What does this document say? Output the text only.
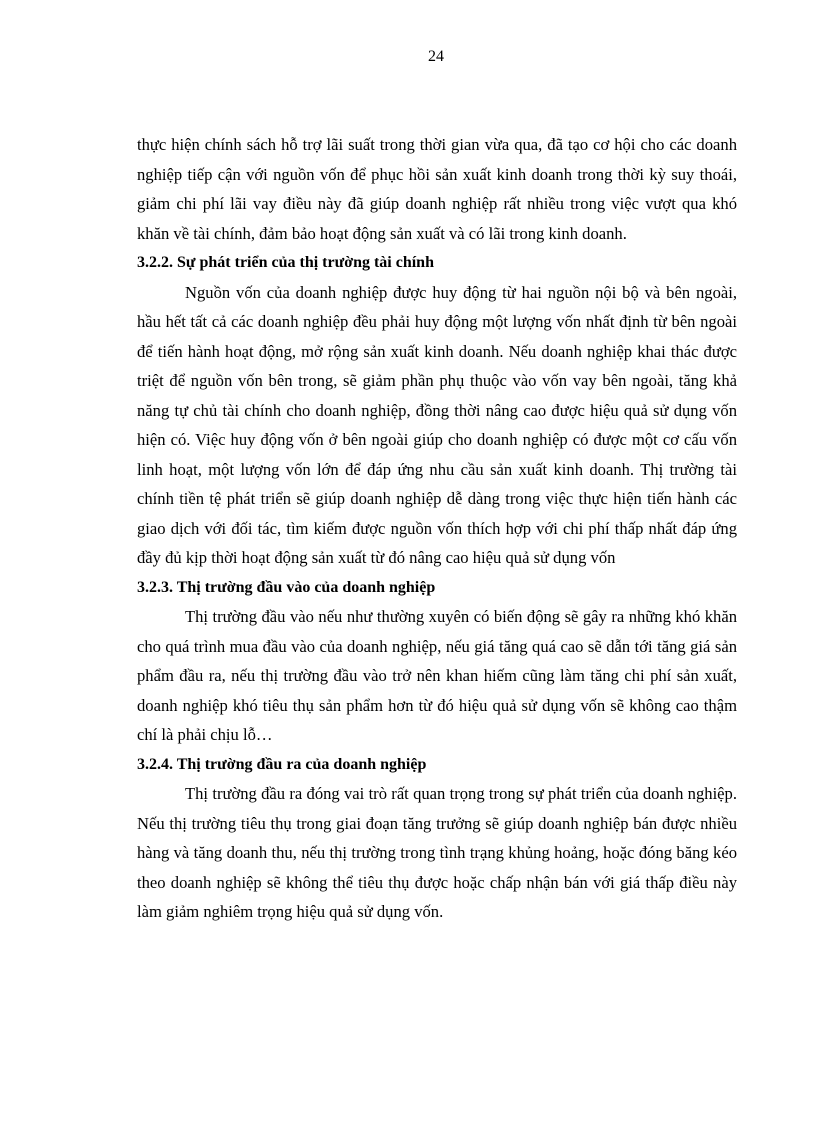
24

thực hiện chính sách hỗ trợ lãi suất trong thời gian vừa qua, đã tạo cơ hội cho các doanh nghiệp tiếp cận với nguồn vốn để phục hồi sản xuất kinh doanh trong thời kỳ suy thoái, giảm chi phí lãi vay điều này đã giúp doanh nghiệp rất nhiều trong việc vượt qua khó khăn về tài chính, đảm bảo hoạt động sản xuất và có lãi trong kinh doanh.

3.2.2. Sự phát triển của thị trường tài chính

Nguồn vốn của doanh nghiệp được huy động từ hai nguồn nội bộ và bên ngoài, hầu hết tất cả các doanh nghiệp đều phải huy động một lượng vốn nhất định từ bên ngoài để tiến hành hoạt động, mở rộng sản xuất kinh doanh. Nếu doanh nghiệp khai thác được triệt để nguồn vốn bên trong, sẽ giảm phần phụ thuộc vào vốn vay bên ngoài, tăng khả năng tự chủ tài chính cho doanh nghiệp, đồng thời nâng cao được hiệu quả sử dụng vốn hiện có. Việc huy động vốn ở bên ngoài giúp cho doanh nghiệp có được một cơ cấu vốn linh hoạt, một lượng vốn lớn để đáp ứng nhu cầu sản xuất kinh doanh. Thị trường tài chính tiền tệ phát triển sẽ giúp doanh nghiệp dễ dàng trong việc thực hiện tiến hành các giao dịch với đối tác, tìm kiếm được nguồn vốn thích hợp với chi phí thấp nhất đáp ứng đầy đủ kịp thời hoạt động sản xuất từ đó nâng cao hiệu quả sử dụng vốn

3.2.3. Thị trường đầu vào của doanh nghiệp

Thị trường đầu vào nếu như thường xuyên có biến động sẽ gây ra những khó khăn cho quá trình mua đầu vào của doanh nghiệp, nếu giá tăng quá cao sẽ dẫn tới tăng giá sản phẩm đầu ra, nếu thị trường đầu vào trở nên khan hiếm cũng làm tăng chi phí sản xuất, doanh nghiệp khó tiêu thụ sản phẩm hơn từ đó hiệu quả sử dụng vốn sẽ không cao thậm chí là phải chịu lỗ…

3.2.4. Thị trường đầu ra của doanh nghiệp

Thị trường đầu ra đóng vai trò rất quan trọng trong sự phát triển của doanh nghiệp. Nếu thị trường tiêu thụ trong giai đoạn tăng trưởng sẽ giúp doanh nghiệp bán được nhiều hàng và tăng doanh thu, nếu thị trường trong tình trạng khủng hoảng, hoặc đóng băng kéo theo doanh nghiệp sẽ không thể tiêu thụ được hoặc chấp nhận bán với giá thấp điều này làm giảm nghiêm trọng hiệu quả sử dụng vốn.
